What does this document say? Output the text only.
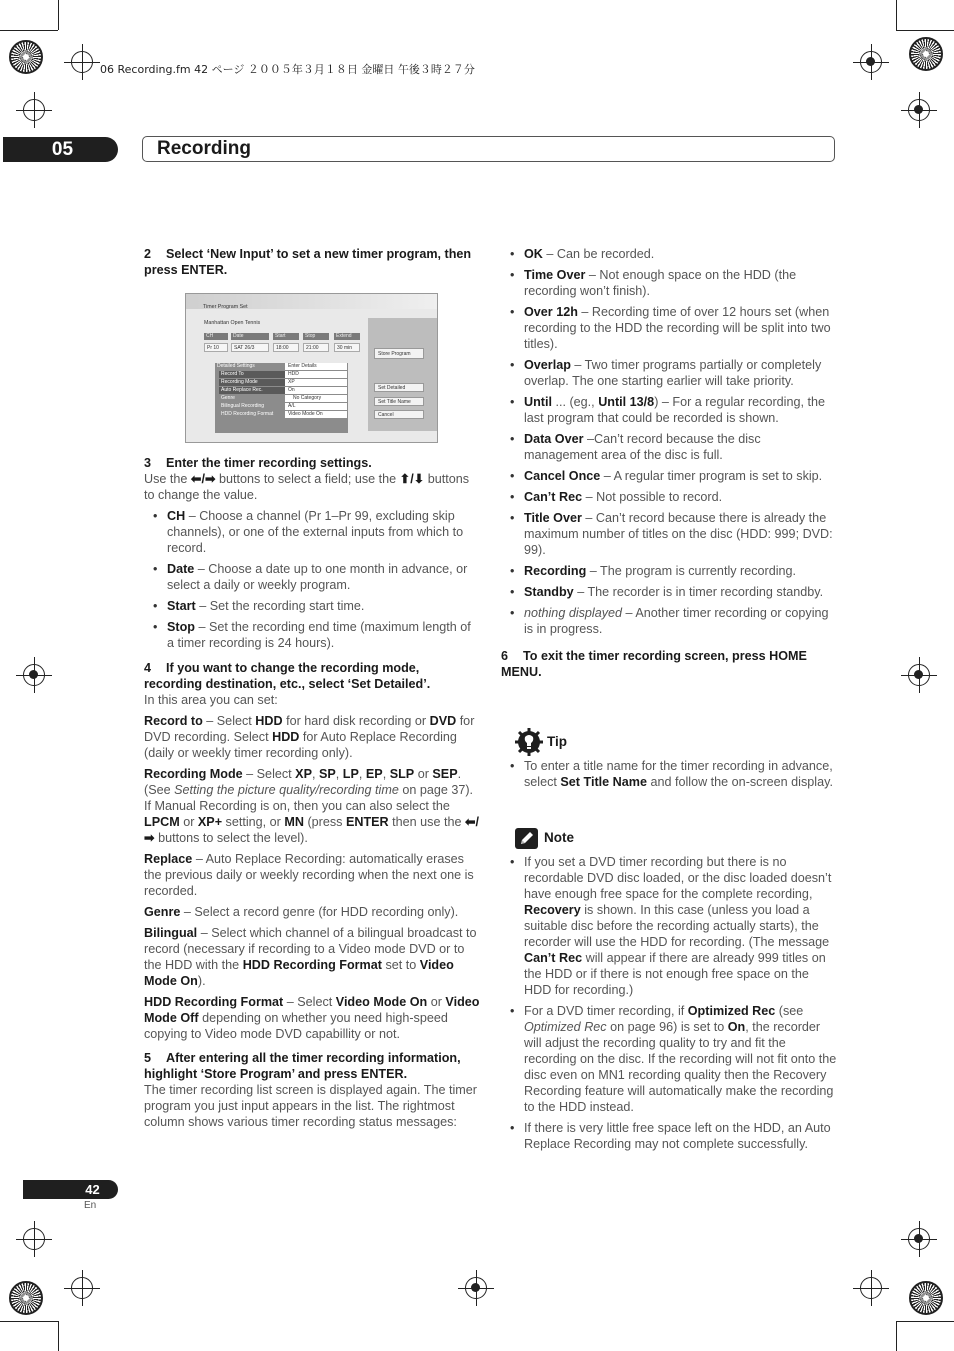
06 Recording.fm 42 ページ ２００５年３月１８日 金曜日 午後３時２７分
05	Recording

2 Select ‘New Input’ to set a new timer program, then press ENTER.

Timer Program Set
Manhattan Open Tennis
CH	Date	Start	Stop	Extend
Pr 10	SAT 26/3	18:00	21:00	30 min
Detailed Settings	Enter Details
Record To	HDD
Recording Mode	XP
Auto Replace Rec.	On
Genre	No Category
Bilingual Recording	A/L
HDD Recording Format	Video Mode On
Store Program
Set Detailed
Set Title Name
Cancel

3 Enter the timer recording settings.

Use the ⬅/➡ buttons to select a field; use the ⬆/⬇ buttons to change the value.

• CH – Choose a channel (Pr 1–Pr 99, excluding skip channels), or one of the external inputs from which to record.
• Date – Choose a date up to one month in advance, or select a daily or weekly program.
• Start – Set the recording start time.
• Stop – Set the recording end time (maximum length of a timer recording is 24 hours).

4 If you want to change the recording mode, recording destination, etc., select ‘Set Detailed’.

In this area you can set:

Record to – Select HDD for hard disk recording or DVD for DVD recording. Select HDD for Auto Replace Recording (daily or weekly timer recording only).

Recording Mode – Select XP, SP, LP, EP, SLP or SEP. (See Setting the picture quality/recording time on page 37). If Manual Recording is on, then you can also select the LPCM or XP+ setting, or MN (press ENTER then use the ⬅/➡ buttons to select the level).

Replace – Auto Replace Recording: automatically erases the previous daily or weekly recording when the next one is recorded.

Genre – Select a record genre (for HDD recording only).

Bilingual – Select which channel of a bilingual broadcast to record (necessary if recording to a Video mode DVD or to the HDD with the HDD Recording Format set to Video Mode On).

HDD Recording Format – Select Video Mode On or Video Mode Off depending on whether you need high-speed copying to Video mode DVD capabillity or not.

5 After entering all the timer recording information, highlight ‘Store Program’ and press ENTER.

The timer recording list screen is displayed again. The timer program you just input appears in the list. The rightmost column shows various timer recording status messages:

• OK – Can be recorded.
• Time Over – Not enough space on the HDD (the recording won’t finish).
• Over 12h – Recording time of over 12 hours set (when recording to the HDD the recording will be split into two titles).
• Overlap – Two timer programs partially or completely overlap. The one starting earlier will take priority.
• Until ... (eg., Until 13/8) – For a regular recording, the last program that could be recorded is shown.
• Data Over –Can’t record because the disc management area of the disc is full.
• Cancel Once – A regular timer program is set to skip.
• Can’t Rec – Not possible to record.
• Title Over – Can’t record because there is already the maximum number of titles on the disc (HDD: 999; DVD: 99).
• Recording – The program is currently recording.
• Standby – The recorder is in timer recording standby.
• nothing displayed – Another timer recording or copying is in progress.

6 To exit the timer recording screen, press HOME MENU.

Tip
• To enter a title name for the timer recording in advance, select Set Title Name and follow the on-screen display.
Note
• If you set a DVD timer recording but there is no recordable DVD disc loaded, or the disc loaded doesn’t have enough free space for the complete recording, Recovery is shown. In this case (unless you load a suitable disc before the recording actually starts), the recorder will use the HDD for recording. (The message Can’t Rec will appear if there are already 999 titles on the HDD or if there is not enough free space on the HDD for recording.)
• For a DVD timer recording, if Optimized Rec (see Optimized Rec on page 96) is set to On, the recorder will adjust the recording quality to try and fit the recording on the disc. If the recording will not fit onto the disc even on MN1 recording quality then the Recovery Recording feature will automatically make the recording to the HDD instead.
• If there is very little free space left on the HDD, an Auto Replace Recording may not complete successfully.
42
En
